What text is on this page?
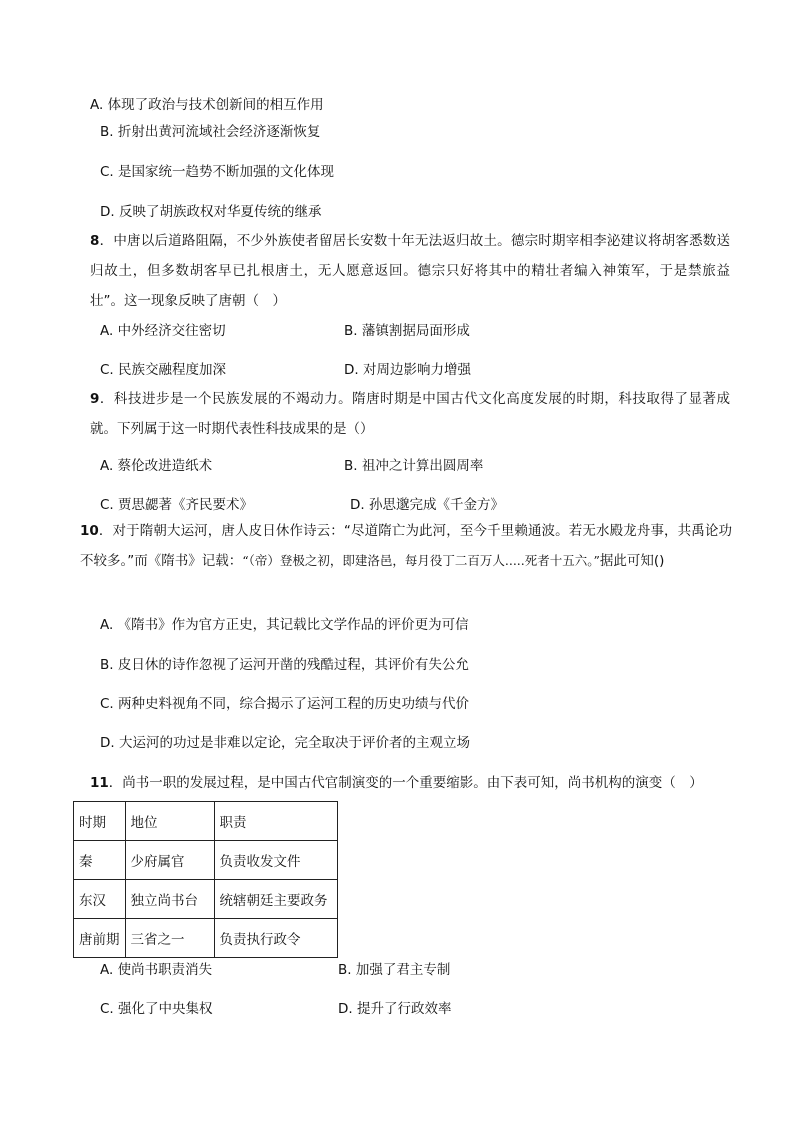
A. 体现了政治与技术创新间的相互作用
B. 折射出黄河流域社会经济逐渐恢复
C. 是国家统一趋势不断加强的文化体现
D. 反映了胡族政权对华夏传统的继承
8．中唐以后道路阻隔，不少外族使者留居长安数十年无法返归故土。德宗时期宰相李泌建议将胡客悉数送归故土，但多数胡客早已扎根唐土，无人愿意返回。德宗只好将其中的精壮者编入神策军，于是禁旅益壮”。这一现象反映了唐朝（　）
A. 中外经济交往密切	B. 藩镇割据局面形成
C. 民族交融程度加深	D. 对周边影响力增强
9．科技进步是一个民族发展的不竭动力。隋唐时期是中国古代文化高度发展的时期，科技取得了显著成就。下列属于这一时期代表性科技成果的是（）
A. 蔡伦改进造纸术	B. 祖冲之计算出圆周率
C. 贾思勰著《齐民要术》	D. 孙思邈完成《千金方》
10．对于隋朝大运河，唐人皮日休作诗云：“尽道隋亡为此河，至今千里赖通波。若无水殿龙舟事，共禹论功不较多。”而《隋书》记载：“（帝）登极之初，即建洛邑，每月役丁二百万人.....死者十五六。”据此可知()
A. 《隋书》作为官方正史，其记载比文学作品的评价更为可信
B. 皮日休的诗作忽视了运河开凿的残酷过程，其评价有失公允
C. 两种史料视角不同，综合揭示了运河工程的历史功绩与代价
D. 大运河的功过是非难以定论，完全取决于评价者的主观立场
11．尚书一职的发展过程，是中国古代官制演变的一个重要缩影。由下表可知，尚书机构的演变（　）
时期	地位	职责
秦	少府属官	负责收发文件
东汉	独立尚书台	统辖朝廷主要政务
唐前期	三省之一	负责执行政令
A. 使尚书职责消失	B. 加强了君主专制
C. 强化了中央集权	D. 提升了行政效率
